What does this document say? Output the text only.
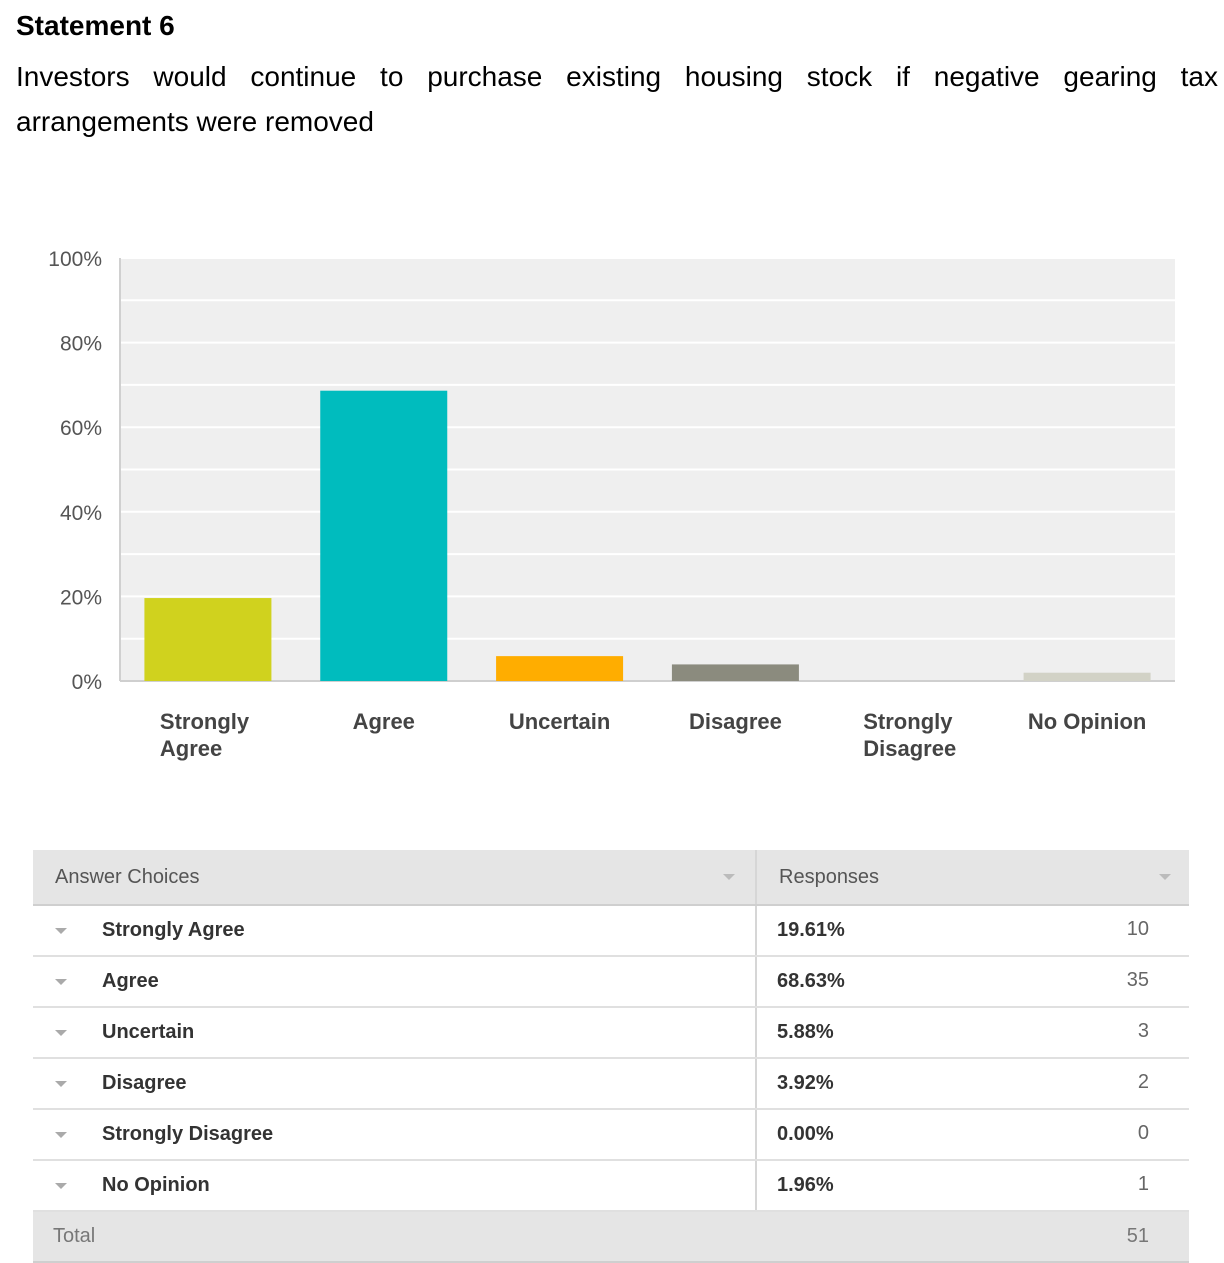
Statement 6
Investors would continue to purchase existing housing stock if negative gearing tax arrangements were removed
0%
20%
40%
60%
80%
100%
Strongly Agree
Agree	Uncertain	Disagree	Strongly Disagree
No Opinion
Answer Choices	Responses

Strongly Agree	19.61% 10

Agree	68.63% 35

Uncertain	5.88% 3

Disagree	3.92% 2

Strongly Disagree	0.00% 0

No Opinion	1.96% 1

Total	51
